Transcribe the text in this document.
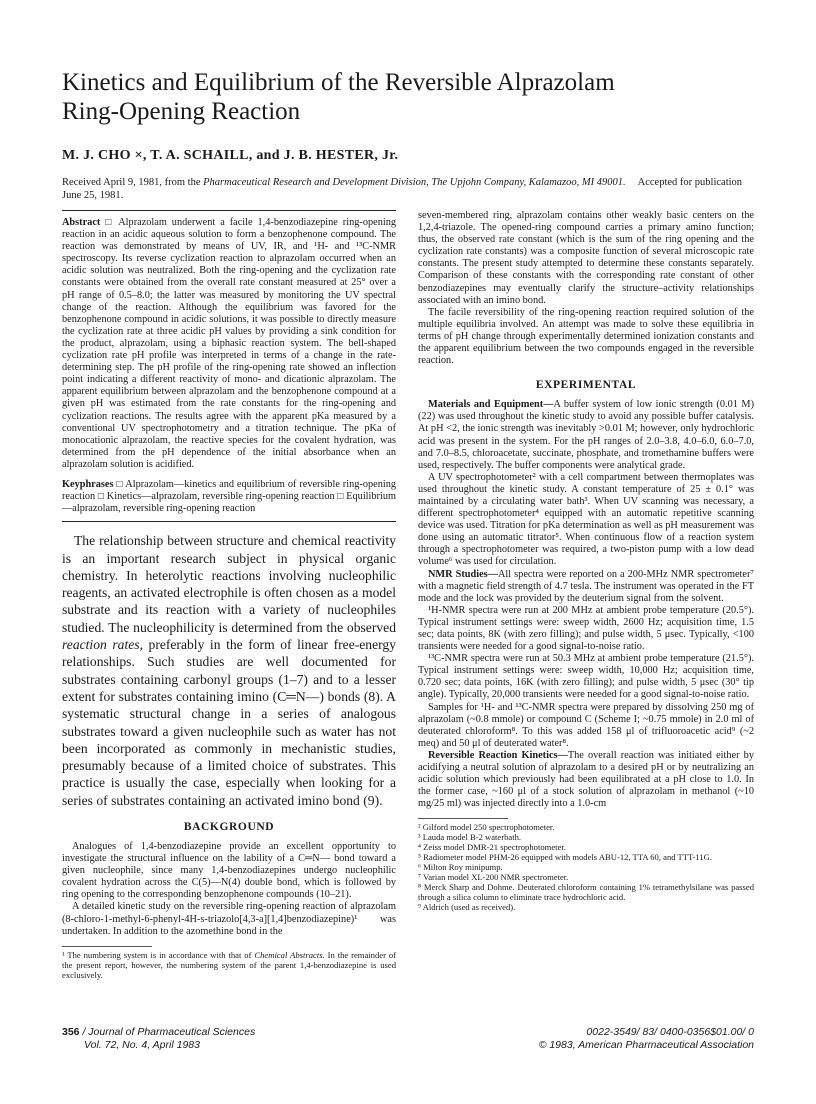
Kinetics and Equilibrium of the Reversible Alprazolam
Ring-Opening Reaction
M. J. CHO ×, T. A. SCHAILL, and J. B. HESTER, Jr.
Received April 9, 1981, from the Pharmaceutical Research and Development Division, The Upjohn Company, Kalamazoo, MI 49001. Accepted for publication June 25, 1981.

Abstract □ Alprazolam underwent a facile 1,4-benzodiazepine ring-opening reaction in an acidic aqueous solution to form a benzophenone compound. The reaction was demonstrated by means of UV, IR, and ¹H- and ¹³C-NMR spectroscopy. Its reverse cyclization reaction to alprazolam occurred when an acidic solution was neutralized. Both the ring-opening and the cyclization rate constants were obtained from the overall rate constant measured at 25° over a pH range of 0.5–8.0; the latter was measured by monitoring the UV spectral change of the reaction. Although the equilibrium was favored for the benzophenone compound in acidic solutions, it was possible to directly measure the cyclization rate at three acidic pH values by providing a sink condition for the product, alprazolam, using a biphasic reaction system. The bell-shaped cyclization rate pH profile was interpreted in terms of a change in the rate-determining step. The pH profile of the ring-opening rate showed an inflection point indicating a different reactivity of mono- and dicationic alprazolam. The apparent equilibrium between alprazolam and the benzophenone compound at a given pH was estimated from the rate constants for the ring-opening and cyclization reactions. The results agree with the apparent pKa measured by a conventional UV spectrophotometry and a titration technique. The pKa of monocationic alprazolam, the reactive species for the covalent hydration, was determined from the pH dependence of the initial absorbance when an alprazolam solution is acidified.

Keyphrases □ Alprazolam—kinetics and equilibrium of reversible ring-opening reaction □ Kinetics—alprazolam, reversible ring-opening reaction □ Equilibrium—alprazolam, reversible ring-opening reaction

The relationship between structure and chemical reactivity is an important research subject in physical organic chemistry. In heterolytic reactions involving nucleophilic reagents, an activated electrophile is often chosen as a model substrate and its reaction with a variety of nucleophiles studied. The nucleophilicity is determined from the observed reaction rates, preferably in the form of linear free-energy relationships. Such studies are well documented for substrates containing carbonyl groups (1–7) and to a lesser extent for substrates containing imino (C═N—) bonds (8). A systematic structural change in a series of analogous substrates toward a given nucleophile such as water has not been incorporated as commonly in mechanistic studies, presumably because of a limited choice of substrates. This practice is usually the case, especially when looking for a series of substrates containing an activated imino bond (9).

BACKGROUND

Analogues of 1,4-benzodiazepine provide an excellent opportunity to investigate the structural influence on the lability of a C═N— bond toward a given nucleophile, since many 1,4-benzodiazepines undergo nucleophilic covalent hydration across the C(5)—N(4) double bond, which is followed by ring opening to the corresponding benzophenone compounds (10–21).

A detailed kinetic study on the reversible ring-opening reaction of alprazolam (8-chloro-1-methyl-6-phenyl-4H-s-triazolo[4,3-a][1,4]benzodiazepine)¹ was undertaken. In addition to the azomethine bond in the

¹ The numbering system is in accordance with that of Chemical Abstracts. In the remainder of the present report, however, the numbering system of the parent 1,4-benzodiazepine is used exclusively.

seven-membered ring, alprazolam contains other weakly basic centers on the 1,2,4-triazole. The opened-ring compound carries a primary amino function; thus, the observed rate constant (which is the sum of the ring opening and the cyclization rate constants) was a composite function of several microscopic rate constants. The present study attempted to determine these constants separately. Comparison of these constants with the corresponding rate constant of other benzodiazepines may eventually clarify the structure–activity relationships associated with an imino bond.

The facile reversibility of the ring-opening reaction required solution of the multiple equilibria involved. An attempt was made to solve these equilibria in terms of pH change through experimentally determined ionization constants and the apparent equilibrium between the two compounds engaged in the reversible reaction.

EXPERIMENTAL

Materials and Equipment—A buffer system of low ionic strength (0.01 M) (22) was used throughout the kinetic study to avoid any possible buffer catalysis. At pH <2, the ionic strength was inevitably >0.01 M; however, only hydrochloric acid was present in the system. For the pH ranges of 2.0–3.8, 4.0–6.0, 6.0–7.0, and 7.0–8.5, chloroacetate, succinate, phosphate, and tromethamine buffers were used, respectively. The buffer components were analytical grade.

A UV spectrophotometer² with a cell compartment between thermoplates was used throughout the kinetic study. A constant temperature of 25 ± 0.1° was maintained by a circulating water bath³. When UV scanning was necessary, a different spectrophotometer⁴ equipped with an automatic repetitive scanning device was used. Titration for pKa determination as well as pH measurement was done using an automatic titrator⁵. When continuous flow of a reaction system through a spectrophotometer was required, a two-piston pump with a low dead volume⁶ was used for circulation.

NMR Studies—All spectra were reported on a 200-MHz NMR spectrometer⁷ with a magnetic field strength of 4.7 tesla. The instrument was operated in the FT mode and the lock was provided by the deuterium signal from the solvent.

¹H-NMR spectra were run at 200 MHz at ambient probe temperature (20.5°). Typical instrument settings were: sweep width, 2600 Hz; acquisition time, 1.5 sec; data points, 8K (with zero filling); and pulse width, 5 μsec. Typically, <100 transients were needed for a good signal-to-noise ratio.

¹³C-NMR spectra were run at 50.3 MHz at ambient probe temperature (21.5°). Typical instrument settings were: sweep width, 10,000 Hz; acquisition time, 0.720 sec; data points, 16K (with zero filling); and pulse width, 5 μsec (30° tip angle). Typically, 20,000 transients were needed for a good signal-to-noise ratio.

Samples for ¹H- and ¹³C-NMR spectra were prepared by dissolving 250 mg of alprazolam (~0.8 mmole) or compound C (Scheme I; ~0.75 mmole) in 2.0 ml of deuterated chloroform⁸. To this was added 158 μl of trifluoroacetic acid⁹ (~2 meq) and 50 μl of deuterated water⁸.

Reversible Reaction Kinetics—The overall reaction was initiated either by acidifying a neutral solution of alprazolam to a desired pH or by neutralizing an acidic solution which previously had been equilibrated at a pH close to 1.0. In the former case, ~160 μl of a stock solution of alprazolam in methanol (~10 mg/25 ml) was injected directly into a 1.0-cm

² Gilford model 250 spectrophotometer.

³ Lauda model B-2 waterbath.

⁴ Zeiss model DMR-21 spectrophotometer.

⁵ Radiometer model PHM-26 equipped with models ABU-12, TTA 60, and TTT-11G.

⁶ Milton Roy minipump.

⁷ Varian model XL-200 NMR spectrometer.

⁸ Merck Sharp and Dohme. Deuterated chloroform containing 1% tetramethylsilane was passed through a silica column to eliminate trace hydrochloric acid.

⁹ Aldrich (used as received).

356 / Journal of Pharmaceutical Sciences
Vol. 72, No. 4, April 1983
0022-3549/ 83/ 0400-0356$01.00/ 0
© 1983, American Pharmaceutical Association
